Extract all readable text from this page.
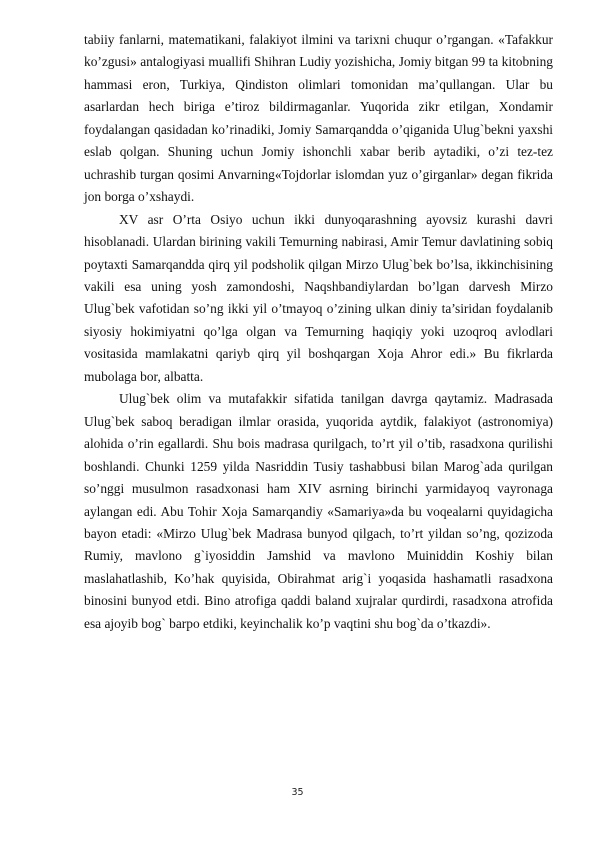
tabiiy fanlarni, matematikani, falakiyot ilmini va tarixni chuqur o’rgangan. «Tafakkur ko’zgusi» antalogiyasi muallifi Shihran Ludiy yozishicha, Jomiy bitgan 99 ta kitobning hammasi eron, Turkiya, Qindiston olimlari tomonidan ma’qullangan. Ular bu asarlardan hech biriga e’tiroz bildirmaganlar. Yuqorida zikr etilgan, Xondamir foydalangan qasidadan ko’rinadiki, Jomiy Samarqandda o’qiganida Ulug`bekni yaxshi eslab qolgan. Shuning uchun Jomiy ishonchli xabar berib aytadiki, o’zi tez-tez uchrashib turgan qosimi Anvarning«Tojdorlar islomdan yuz o’girganlar» degan fikrida jon borga o’xshaydi.

XV asr O’rta Osiyo uchun ikki dunyoqarashning ayovsiz kurashi davri hisoblanadi. Ulardan birining vakili Temurning nabirasi, Amir Temur davlatining sobiq poytaxti Samarqandda qirq yil podsholik qilgan Mirzo Ulug`bek bo’lsa, ikkinchisining vakili esa uning yosh zamondoshi, Naqshbandiylardan bo’lgan darvesh Mirzo Ulug`bek vafotidan so’ng ikki yil o’tmayoq o’zining ulkan diniy ta’siridan foydalanib siyosiy hokimiyatni qo’lga olgan va Temurning haqiqiy yoki uzoqroq avlodlari vositasida mamlakatni qariyb qirq yil boshqargan Xoja Ahror edi.» Bu fikrlarda mubolaga bor, albatta.

Ulug`bek olim va mutafakkir sifatida tanilgan davrga qaytamiz. Madrasada Ulug`bek saboq beradigan ilmlar orasida, yuqorida aytdik, falakiyot (astronomiya) alohida o’rin egallardi. Shu bois madrasa qurilgach, to’rt yil o’tib, rasadxona qurilishi boshlandi. Chunki 1259 yilda Nasriddin Tusiy tashabbusi bilan Marog`ada qurilgan so’nggi musulmon rasadxonasi ham XIV asrning birinchi yarmidayoq vayronaga aylangan edi. Abu Tohir Xoja Samarqandiy «Samariya»da bu voqealarni quyidagicha bayon etadi: «Mirzo Ulug`bek Madrasa bunyod qilgach, to’rt yildan so’ng, qozizoda Rumiy, mavlono g`iyosiddin Jamshid va mavlono Muiniddin Koshiy bilan maslahatlashib, Ko’hak quyisida, Obirahmat arig`i yoqasida hashamatli rasadxona binosini bunyod etdi. Bino atrofiga qaddi baland xujralar qurdirdi, rasadxona atrofida esa ajoyib bog` barpo etdiki, keyinchalik ko’p vaqtini shu bog`da o’tkazdi».

35
